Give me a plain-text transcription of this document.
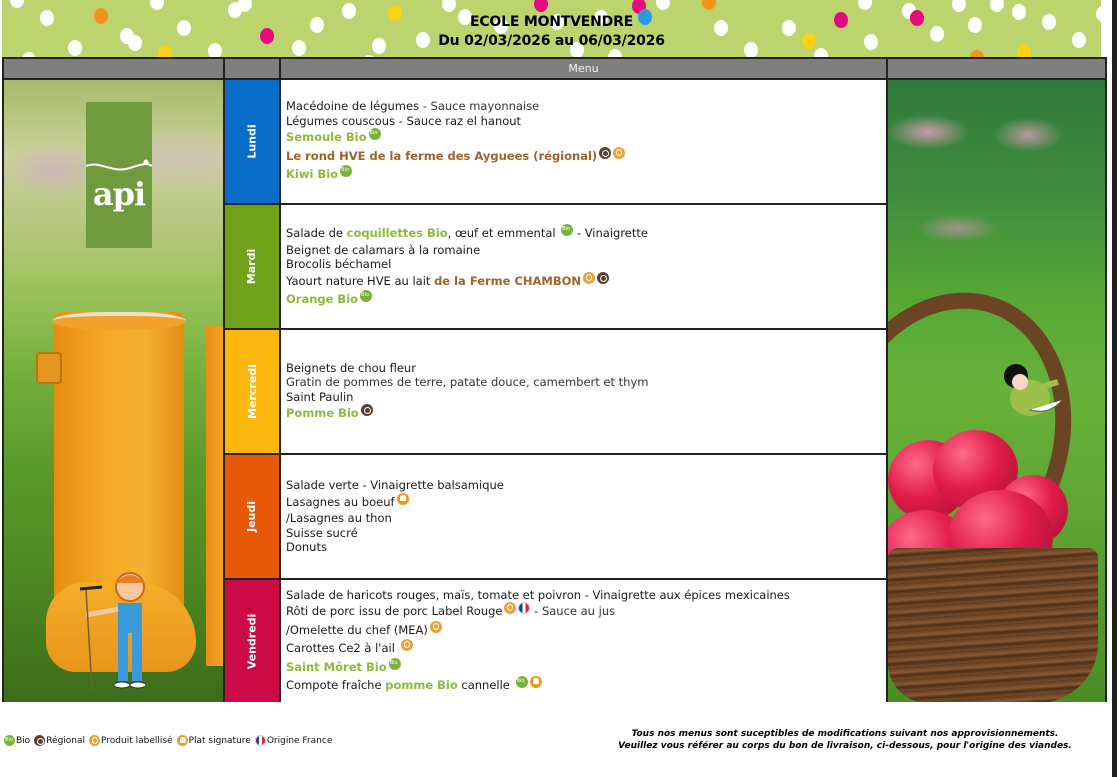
ECOLE MONTVENDRE
Du 02/03/2026 au 06/03/2026
Menu
api
Lundi
Macédoine de légumes - Sauce mayonnaise
Légumes couscous - Sauce raz el hanout
Semoule BioBio
Le rond HVE de la ferme des Ayguees (régional)
Kiwi BioBio
Mardi
Salade de coquillettes Bio, œuf et emmental Bio - Vinaigrette
Beignet de calamars à la romaine
Brocolis béchamel
Yaourt nature HVE au lait de la Ferme CHAMBON
Orange BioBio
Mercredi Beignets de chou fleur
Gratin de pommes de terre, patate douce, camembert et thym
Saint Paulin
Pomme Bio
Jeudi
Salade verte - Vinaigrette balsamique
Lasagnes au boeuf
/Lasagnes au thon
Suisse sucré
Donuts
Vendredi
Salade de haricots rouges, maïs, tomate et poivron - Vinaigrette aux épices mexicaines
Rôti de porc issu de porc Label Rouge - Sauce au jus
/Omelette du chef (MEA)
Carottes Ce2 à l'ail
Saint Môret BioBio
Compote fraîche pomme Bio cannelle Bio
Bio
Bio Régional Produit labellisé Plat signature Origine France
Tous nos menus sont suceptibles de modifications suivant nos approvisionnements.
Veuillez vous référer au corps du bon de livraison, ci-dessous, pour l'origine des viandes.
